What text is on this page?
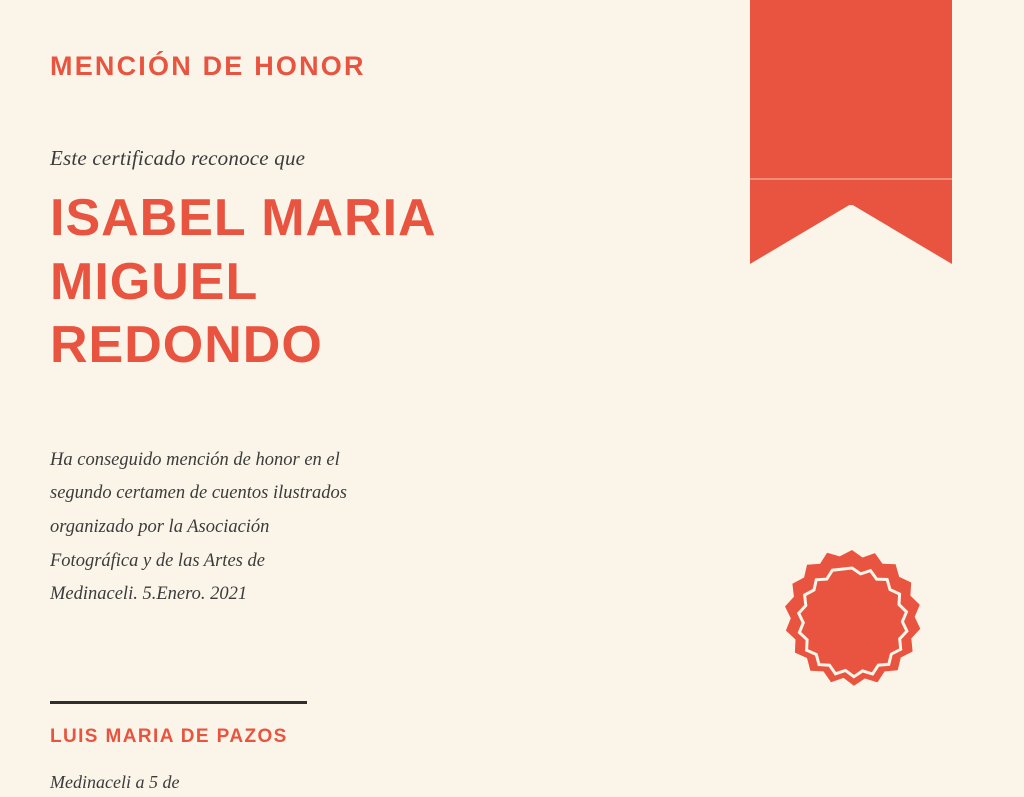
MENCIÓN DE HONOR
Este certificado reconoce que
ISABEL MARIA MIGUEL REDONDO
Ha conseguido mención de honor en el segundo certamen de cuentos ilustrados organizado por la Asociación Fotográfica y de las Artes de Medinaceli. 5.Enero. 2021
LUIS MARIA DE PAZOS
Medinaceli a 5 de
